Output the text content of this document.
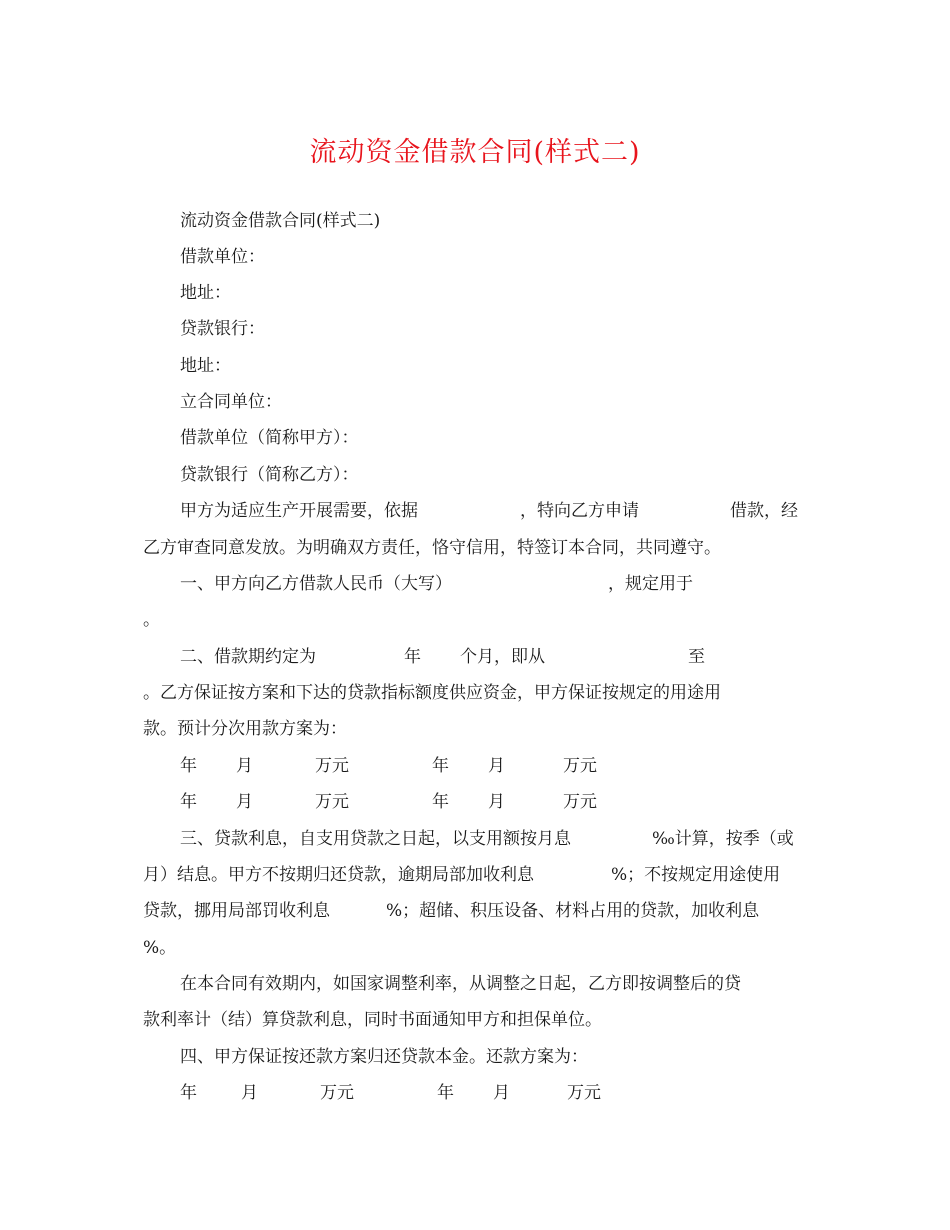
流动资金借款合同(样式二)
流动资金借款合同(样式二)
借款单位：
地址：
贷款银行：
地址：
立合同单位：
借款单位（简称甲方）：
贷款银行（简称乙方）：
甲方为适应生产开展需要，依据	，特向乙方申请	借款，经
乙方审查同意发放。为明确双方责任，恪守信用，特签订本合同，共同遵守。
一、甲方向乙方借款人民币（大写）	，规定用于
。
二、借款期约定为	年 个月，即从	至
。乙方保证按方案和下达的贷款指标额度供应资金，甲方保证按规定的用途用
款。预计分次用款方案为：
年 月	万元	年 月	万元
年 月	万元	年 月	万元
三、贷款利息，自支用贷款之日起，以支用额按月息	‰计算，按季（或
月）结息。甲方不按期归还贷款，逾期局部加收利息	%；不按规定用途使用
贷款，挪用局部罚收利息	%；超储、积压设备、材料占用的贷款，加收利息
%。
在本合同有效期内，如国家调整利率，从调整之日起，乙方即按调整后的贷
款利率计（结）算贷款利息，同时书面通知甲方和担保单位。
四、甲方保证按还款方案归还贷款本金。还款方案为：
年	月	万元	年 月	万元
